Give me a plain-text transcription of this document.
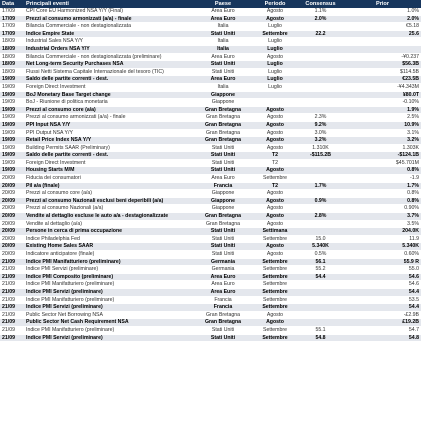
Data	Principali eventi	Paese	Periodo	Consensus	Prior
17/09	CPI Core EU Harmonized NSA Y/Y (Final)	Area Euro	Agosto	1.1%	1.0%
17/09	Prezzi al consumo armonizzati (a/a) - finale	Area Euro	Agosto	2.0%	2.0%
17/09	Bilancia Commerciale - non destagionalizzata	Italia	Luglio		€5.18
17/09	Indice Empire State	Stati Uniti	Settembre	22.2	25.6
18/09	Industrial Sales NSA Y/Y	Italia	Luglio		
18/09	Industrial Orders NSA Y/Y	Italia	Luglio		
18/09	Bilancia Commerciale - non destagionalizzata (preliminare)	Area Euro	Agosto		-¥0.237
18/09	Net Long-term Security Purchases NSA	Stati Uniti	Luglio		$56.3B
18/09	Flussi Netti Sistema Capitale Internazionale del tesoro (TIC)	Stati Uniti	Luglio		$114.5B
19/09	Saldo delle partite correnti - dest.	Area Euro	Luglio		€23.5B
19/09	Foreign Direct Investment	Italia	Luglio		-¥4.343M
19/09	BoJ Monetary Base Target change	Giappone			¥80.0T
19/09	BoJ - Riunione di politica monetaria	Giappone			-0.10%
19/09	Prezzi al consumo core (a/a)	Gran Bretagna	Agosto		1.9%
19/09	Prezzi al consumo armonizzati (a/a) - finale	Gran Bretagna	Agosto	2.3%	2.5%
19/09	PPI Input NSA Y/Y	Gran Bretagna	Agosto	9.2%	10.9%
19/09	PPI Output NSA Y/Y	Gran Bretagna	Agosto	3.0%	3.1%
19/09	Retail Price Index NSA Y/Y	Gran Bretagna	Agosto	3.2%	3.2%
19/09	Building Permits SAAR (Preliminary)	Stati Uniti	Agosto	1.310K	1.303K
19/09	Saldo delle partite correnti - dest.	Stati Uniti	T2	-$115.2B	-$124.1B
19/09	Foreign Direct Investment	Stati Uniti	T2		$45.701M
19/09	Housing Starts M/M	Stati Uniti	Agosto		0.8%
20/09	Fiducia dei consumatori	Area Euro	Settembre		-1.9
20/09	Pil a/a (finale)	Francia	T2	1.7%	1.7%
20/09	Prezzi al consumo core (a/a)	Giappone	Agosto		0.8%
20/09	Prezzi al consumo Nazionali esclusi beni deperibili (a/a)	Giappone	Agosto	0.9%	0.8%
20/09	Prezzi al consumo Nazionali (a/a)	Giappone	Agosto		0.90%
20/09	Vendite al dettaglio escluse le auto a/a - destagionalizzate	Gran Bretagna	Agosto	2.8%	3.7%
20/09	Vendite al dettaglio (a/a)	Gran Bretagna	Agosto		3.5%
20/09	Persone in cerca di prima occupazione	Stati Uniti	Settimana		204.0K
20/09	Indice Philadelphia Fed	Stati Uniti	Settembre	15.0	11.9
20/09	Existing Home Sales SAAR	Stati Uniti	Agosto	5.340K	5.340K
20/09	Indicatore anticipatore (finale)	Stati Uniti	Agosto	0.5%	0.60%
21/09	Indice PMI Manifatturiero (preliminare)	Germania	Settembre	56.1	55.9 R
21/09	Indice PMI Servizi (preliminare)	Germania	Settembre	55.2	55.0
21/09	Indice PMI Composito (preliminare)	Area Euro	Settembre	54.4	54.6
21/09	Indice PMI Manifatturiero (preliminare)	Area Euro	Settembre		54.6
21/09	Indice PMI Servizi (preliminare)	Area Euro	Settembre		54.4
21/09	Indice PMI Manifatturiero (preliminare)	Francia	Settembre		53.5
21/09	Indice PMI Servizi (preliminare)	Francia	Settembre		54.4
21/09	Public Sector Net Borrowing NSA	Gran Bretagna	Agosto		-£2.9B
21/09	Public Sector Net Cash Requirement NSA	Gran Bretagna	Agosto		£19.2B
21/09	Indice PMI Manifatturiero (preliminare)	Stati Uniti	Settembre	55.1	54.7
21/09	Indice PMI Servizi (preliminare)	Stati Uniti	Settembre	54.8	54.8
